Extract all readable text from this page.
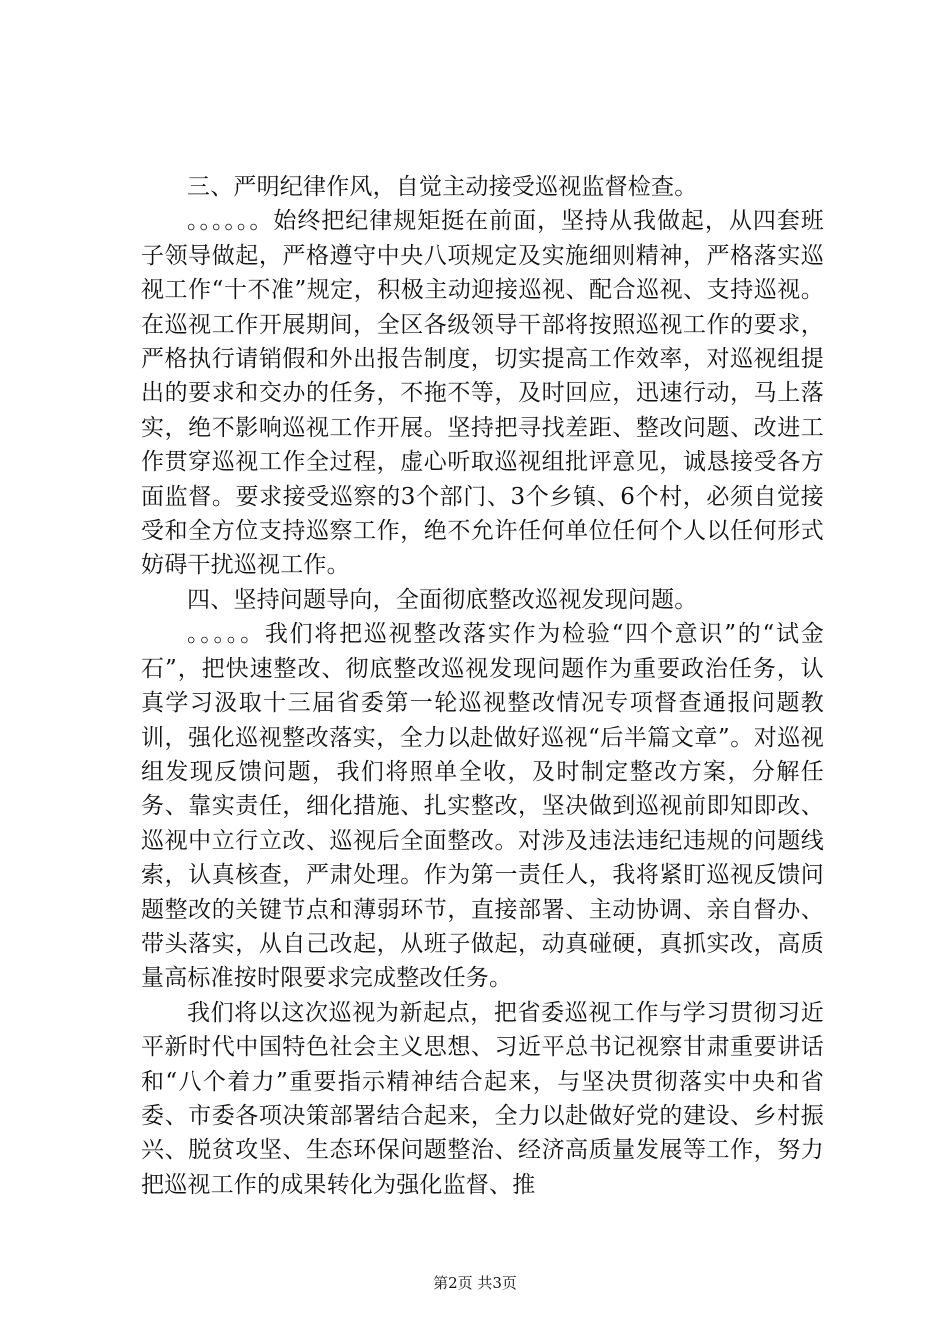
三、严明纪律作风，自觉主动接受巡视监督检查。

。。。。。。始终把纪律规矩挺在前面，坚持从我做起，从四套班子领导做起，严格遵守中央八项规定及实施细则精神，严格落实巡视工作“十不准”规定，积极主动迎接巡视、配合巡视、支持巡视。在巡视工作开展期间，全区各级领导干部将按照巡视工作的要求，严格执行请销假和外出报告制度，切实提高工作效率，对巡视组提出的要求和交办的任务，不拖不等，及时回应，迅速行动，马上落实，绝不影响巡视工作开展。坚持把寻找差距、整改问题、改进工作贯穿巡视工作全过程，虚心听取巡视组批评意见，诚恳接受各方面监督。要求接受巡察的3个部门、3个乡镇、6个村，必须自觉接受和全方位支持巡察工作，绝不允许任何单位任何个人以任何形式妨碍干扰巡视工作。

四、坚持问题导向，全面彻底整改巡视发现问题。

。。。。。我们将把巡视整改落实作为检验“四个意识”的“试金石”，把快速整改、彻底整改巡视发现问题作为重要政治任务，认真学习汲取十三届省委第一轮巡视整改情况专项督查通报问题教训，强化巡视整改落实，全力以赴做好巡视“后半篇文章”。对巡视组发现反馈问题，我们将照单全收，及时制定整改方案，分解任务、靠实责任，细化措施、扎实整改，坚决做到巡视前即知即改、巡视中立行立改、巡视后全面整改。对涉及违法违纪违规的问题线索，认真核查，严肃处理。作为第一责任人，我将紧盯巡视反馈问题整改的关键节点和薄弱环节，直接部署、主动协调、亲自督办、带头落实，从自己改起，从班子做起，动真碰硬，真抓实改，高质量高标准按时限要求完成整改任务。

我们将以这次巡视为新起点，把省委巡视工作与学习贯彻习近平新时代中国特色社会主义思想、习近平总书记视察甘肃重要讲话和“八个着力”重要指示精神结合起来，与坚决贯彻落实中央和省委、市委各项决策部署结合起来，全力以赴做好党的建设、乡村振兴、脱贫攻坚、生态环保问题整治、经济高质量发展等工作，努力把巡视工作的成果转化为强化监督、推

第2页 共3页
